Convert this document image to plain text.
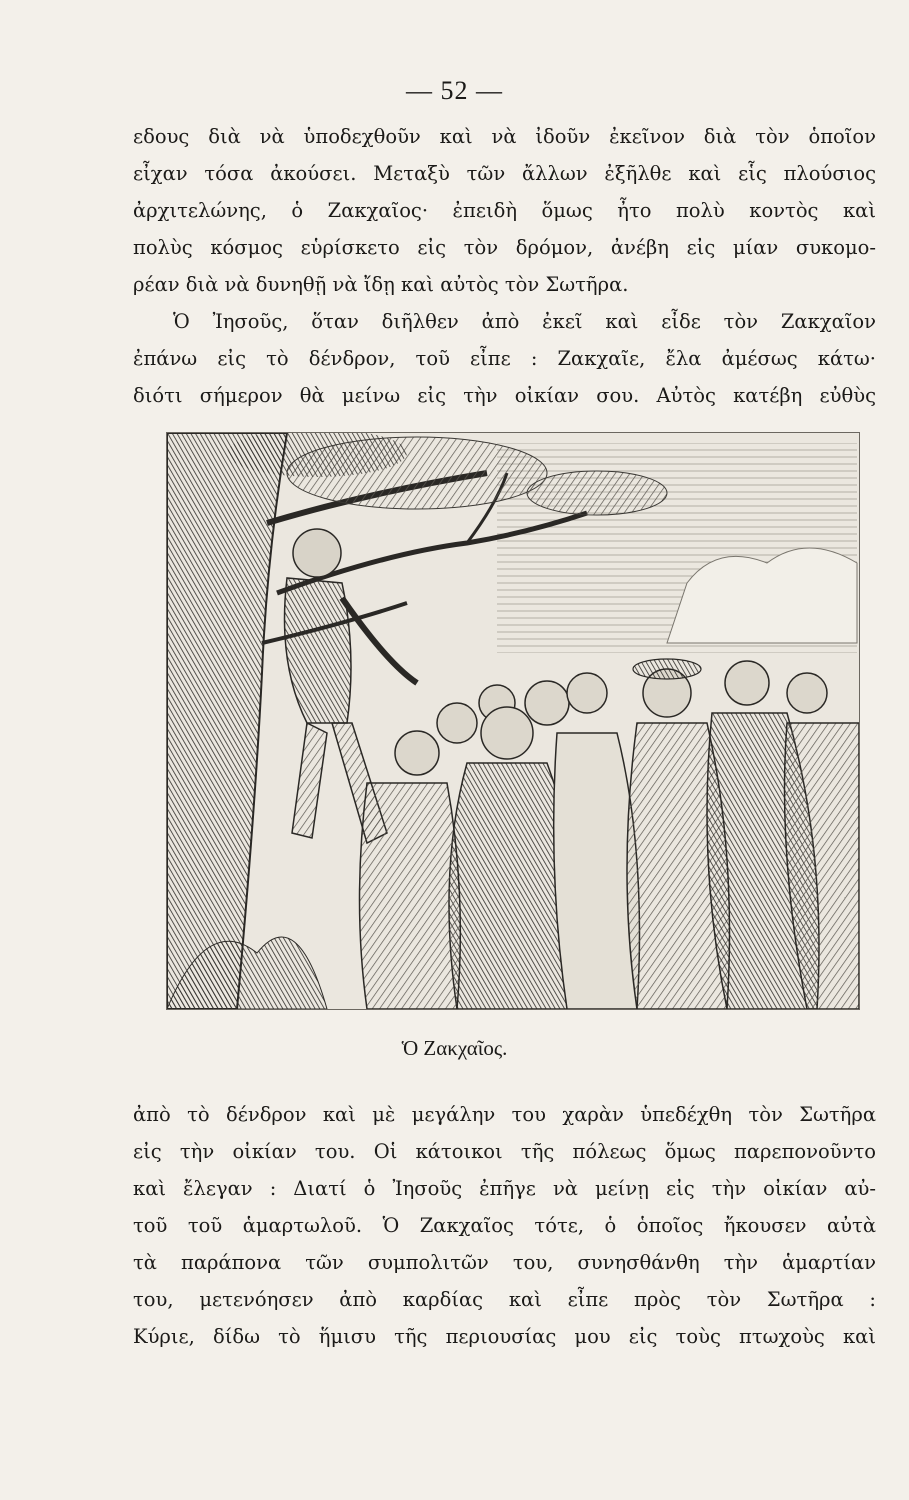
— 52 —
εδους διὰ νὰ ὑποδεχθοῦν καὶ νὰ ἰδοῦν ἐκεῖνον διὰ τὸν ὁποῖον
εἶχαν τόσα ἀκούσει. Μεταξὺ τῶν ἄλλων ἐξῆλθε καὶ εἷς πλούσιος
ἀρχιτελώνης, ὁ Ζακχαῖος· ἐπειδὴ ὅμως ἦτο πολὺ κοντὸς καὶ
πολὺς κόσμος εὑρίσκετο εἰς τὸν δρόμον, ἀνέβη εἰς μίαν συκομο-
ρέαν διὰ νὰ δυνηθῇ νὰ ἴδῃ καὶ αὐτὸς τὸν Σωτῆρα.
Ὁ Ἰησοῦς, ὅταν διῆλθεν ἀπὸ ἐκεῖ καὶ εἶδε τὸν Ζακχαῖον
ἐπάνω εἰς τὸ δένδρον, τοῦ εἶπε : Ζακχαῖε, ἔλα ἀμέσως κάτω·
διότι σήμερον θὰ μείνω εἰς τὴν οἰκίαν σου. Αὐτὸς κατέβη εὐθὺς
Ὁ Ζακχαῖος.
ἀπὸ τὸ δένδρον καὶ μὲ μεγάλην του χαρὰν ὑπεδέχθη τὸν Σωτῆρα
εἰς τὴν οἰκίαν του. Οἱ κάτοικοι τῆς πόλεως ὅμως παρεπονοῦντο
καὶ ἔλεγαν : Διατί ὁ Ἰησοῦς ἐπῆγε νὰ μείνῃ εἰς τὴν οἰκίαν αὐ-
τοῦ τοῦ ἁμαρτωλοῦ. Ὁ Ζακχαῖος τότε, ὁ ὁποῖος ἤκουσεν αὐτὰ
τὰ παράπονα τῶν συμπολιτῶν του, συνησθάνθη τὴν ἁμαρτίαν
του, μετενόησεν ἀπὸ καρδίας καὶ εἶπε πρὸς τὸν Σωτῆρα :
Κύριε, δίδω τὸ ἥμισυ τῆς περιουσίας μου εἰς τοὺς πτωχοὺς καὶ
